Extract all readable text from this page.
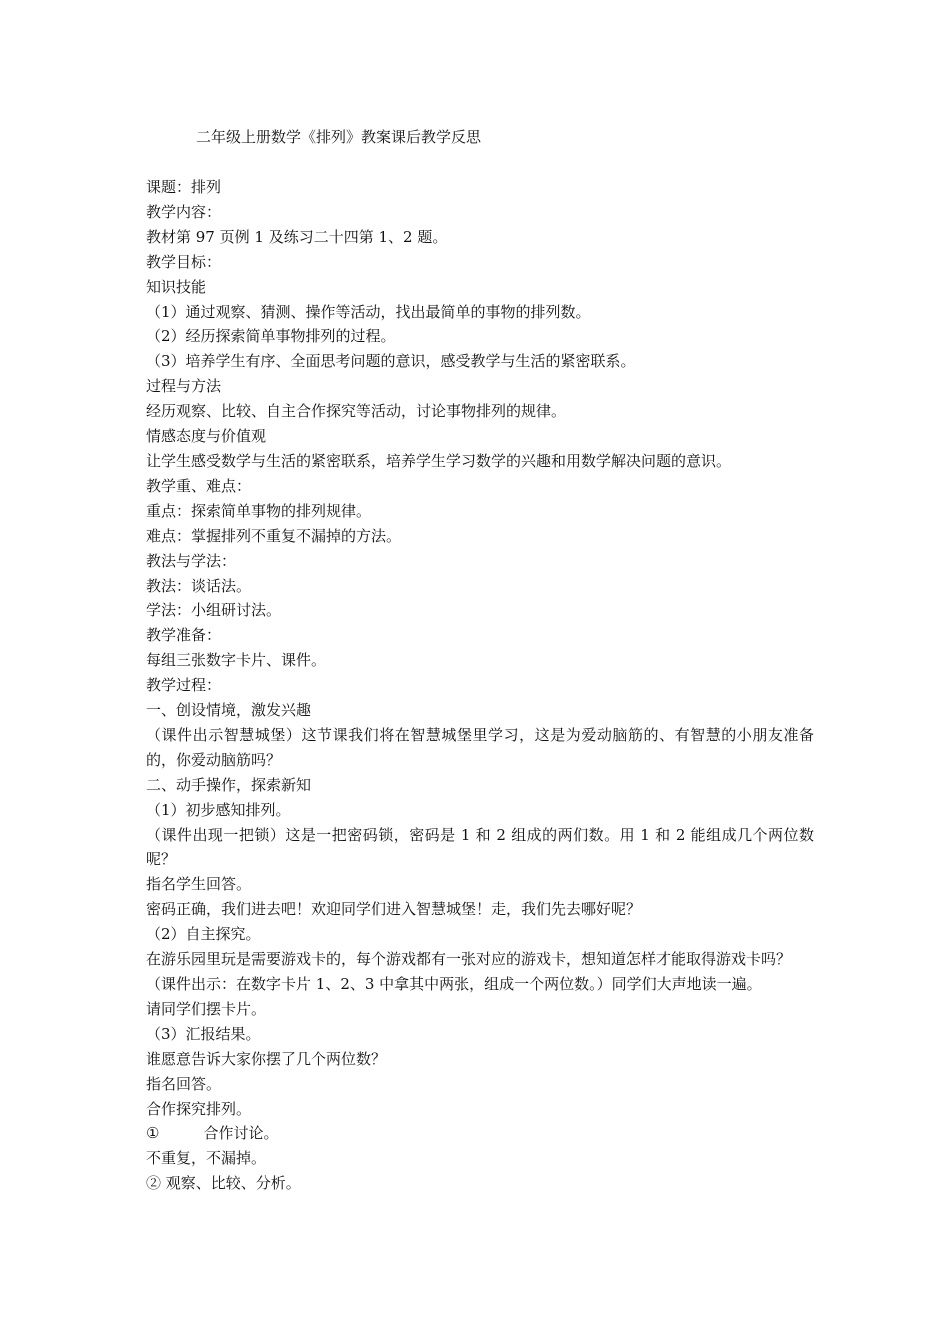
二年级上册数学《排列》教案课后教学反思
课题：排列
教学内容：
教材第 97 页例 1 及练习二十四第 1、2 题。
教学目标：
知识技能
（1）通过观察、猜测、操作等活动，找出最简单的事物的排列数。
（2）经历探索简单事物排列的过程。
（3）培养学生有序、全面思考问题的意识，感受教学与生活的紧密联系。
过程与方法
经历观察、比较、自主合作探究等活动，讨论事物排列的规律。
情感态度与价值观
让学生感受数学与生活的紧密联系，培养学生学习数学的兴趣和用数学解决问题的意识。
教学重、难点：
重点：探索简单事物的排列规律。
难点：掌握排列不重复不漏掉的方法。
教法与学法：
教法：谈话法。
学法：小组研讨法。
教学准备：
每组三张数字卡片、课件。
教学过程：
一、创设情境，激发兴趣
（课件出示智慧城堡）这节课我们将在智慧城堡里学习，这是为爱动脑筋的、有智慧的小朋友准备的，你爱动脑筋吗？
二、动手操作，探索新知
（1）初步感知排列。
（课件出现一把锁）这是一把密码锁，密码是 1 和 2 组成的两们数。用 1 和 2 能组成几个两位数呢？
指名学生回答。
密码正确，我们进去吧！欢迎同学们进入智慧城堡！走，我们先去哪好呢？
（2）自主探究。
在游乐园里玩是需要游戏卡的，每个游戏都有一张对应的游戏卡，想知道怎样才能取得游戏卡吗？
（课件出示：在数字卡片 1、2、3 中拿其中两张，组成一个两位数。）同学们大声地读一遍。
请同学们摆卡片。
（3）汇报结果。
谁愿意告诉大家你摆了几个两位数？
指名回答。
合作探究排列。
①	合作讨论。
不重复，不漏掉。
② 观察、比较、分析。
